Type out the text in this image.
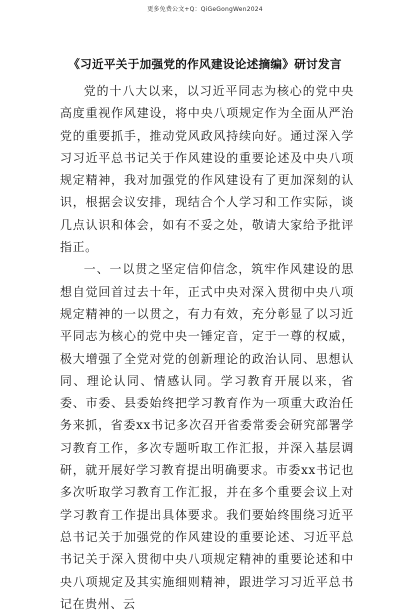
更多免费公文+Q：QiGeGongWen2024
《习近平关于加强党的作风建设论述摘编》研讨发言

党的十八大以来，以习近平同志为核心的党中央高度重视作风建设，将中央八项规定作为全面从严治党的重要抓手，推动党风政风持续向好。通过深入学习习近平总书记关于作风建设的重要论述及中央八项规定精神，我对加强党的作风建设有了更加深刻的认识，根据会议安排，现结合个人学习和工作实际，谈几点认识和体会，如有不妥之处，敬请大家给予批评指正。

一、一以贯之坚定信仰信念，筑牢作风建设的思想自觉回首过去十年，正式中央对深入贯彻中央八项规定精神的一以贯之，有力有效，充分彰显了以习近平同志为核心的党中央一锤定音，定于一尊的权威，极大增强了全党对党的创新理论的政治认同、思想认同、理论认同、情感认同。学习教育开展以来，省委、市委、县委始终把学习教育作为一项重大政治任务来抓，省委xx书记多次召开省委常委会研究部署学习教育工作，多次专题听取工作汇报，并深入基层调研，就开展好学习教育提出明确要求。市委xx书记也多次听取学习教育工作汇报，并在多个重要会议上对学习教育工作提出具体要求。我们要始终围绕习近平总书记关于加强党的作风建设的重要论述、习近平总书记关于深入贯彻中央八项规定精神的重要论述和中央八项规定及其实施细则精神，跟进学习习近平总书记在贵州、云
